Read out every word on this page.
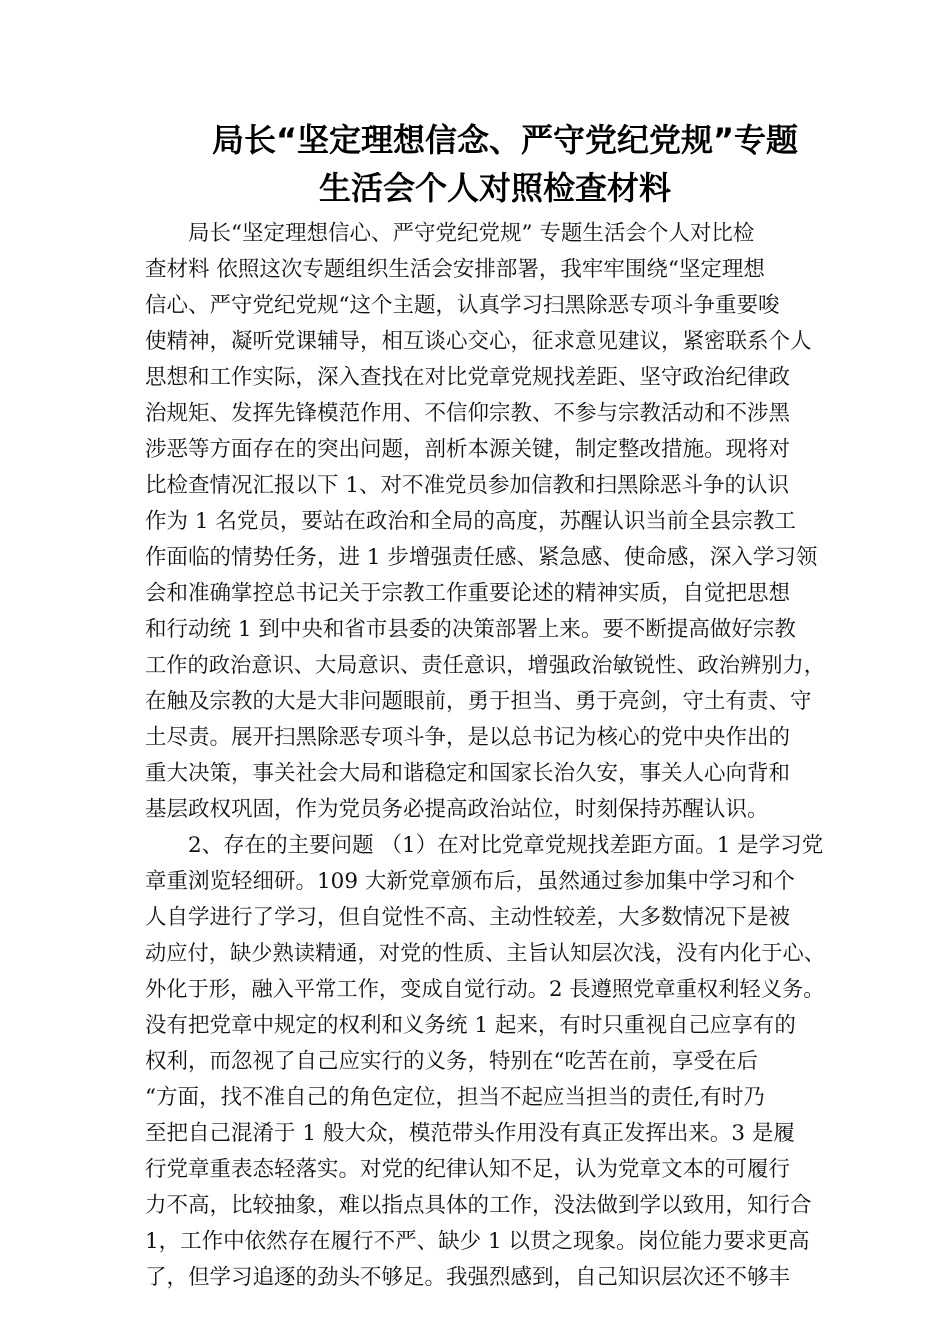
局长“坚定理想信念、严守党纪党规”专题
生活会个人对照检查材料
局长“坚定理想信心、严守党纪党规” 专题生活会个人对比检
查材料 依照这次专题组织生活会安排部署，我牢牢围绕“坚定理想
信心、严守党纪党规“这个主题，认真学习扫黑除恶专项斗争重要唆
使精神，凝听党课辅导，相互谈心交心，征求意见建议，紧密联系个人
思想和工作实际，深入查找在对比党章党规找差距、坚守政治纪律政
治规矩、发挥先锋模范作用、不信仰宗教、不参与宗教活动和不涉黑
涉恶等方面存在的突出问题，剖析本源关键，制定整改措施。现将对
比检查情况汇报以下 1、对不准党员参加信教和扫黑除恶斗争的认识
作为 1 名党员，要站在政治和全局的高度，苏醒认识当前全县宗教工
作面临的情势任务，进 1 步增强责任感、紧急感、使命感，深入学习领
会和准确掌控总书记关于宗教工作重要论述的精神实质，自觉把思想
和行动统 1 到中央和省市县委的决策部署上来。要不断提高做好宗教
工作的政治意识、大局意识、责任意识，增强政治敏锐性、政治辨别力，
在触及宗教的大是大非问题眼前，勇于担当、勇于亮剑，守土有责、守
土尽责。展开扫黑除恶专项斗争，是以总书记为核心的党中央作出的
重大决策，事关社会大局和谐稳定和国家长治久安，事关人心向背和
基层政权巩固，作为党员务必提高政治站位，时刻保持苏醒认识。
2、存在的主要问题 （1）在对比党章党规找差距方面。1 是学习党
章重浏览轻细研。109 大新党章颁布后，虽然通过参加集中学习和个
人自学进行了学习，但自觉性不高、主动性较差，大多数情况下是被
动应付，缺少熟读精通，对党的性质、主旨认知层次浅，没有内化于心、
外化于形，融入平常工作，变成自觉行动。2 長遵照党章重权利轻义务。
没有把党章中规定的权利和义务统 1 起来，有时只重视自己应享有的
权利，而忽视了自己应实行的义务，特别在“吃苦在前，享受在后
“方面，找不准自己的角色定位，担当不起应当担当的责任,有时乃
至把自己混淆于 1 般大众，模范带头作用没有真正发挥出来。3 是履
行党章重表态轻落实。对党的纪律认知不足，认为党章文本的可履行
力不高，比较抽象，难以指点具体的工作，没法做到学以致用，知行合
1，工作中依然存在履行不严、缺少 1 以贯之现象。岗位能力要求更高
了，但学习追逐的劲头不够足。我强烈感到，自己知识层次还不够丰
